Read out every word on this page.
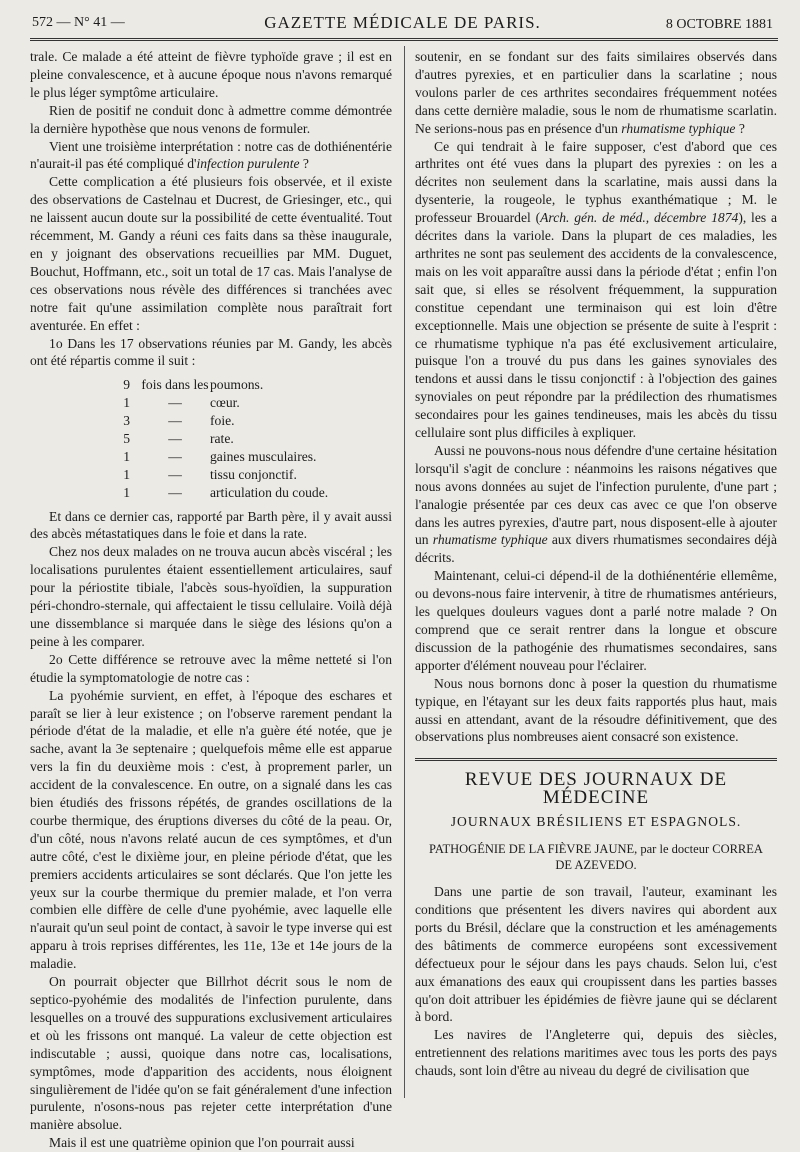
572 — N° 41 —	GAZETTE MÉDICALE DE PARIS.	8 OCTOBRE 1881

trale. Ce malade a été atteint de fièvre typhoïde grave ; il est en pleine convalescence, et à aucune époque nous n'avons remarqué le plus léger symptôme articulaire.

Rien de positif ne conduit donc à admettre comme démontrée la dernière hypothèse que nous venons de formuler.

Vient une troisième interprétation : notre cas de dothiénentérie n'aurait-il pas été compliqué d'infection purulente ?

Cette complication a été plusieurs fois observée, et il existe des observations de Castelnau et Ducrest, de Griesinger, etc., qui ne laissent aucun doute sur la possibilité de cette éventualité. Tout récemment, M. Gandy a réuni ces faits dans sa thèse inaugurale, en y joignant des observations recueillies par MM. Duguet, Bouchut, Hoffmann, etc., soit un total de 17 cas. Mais l'analyse de ces observations nous révèle des différences si tranchées avec notre fait qu'une assimilation complète nous paraîtrait fort aventurée. En effet :

1o Dans les 17 observations réunies par M. Gandy, les abcès ont été répartis comme il suit :

9 fois dans les poumons.
1	—	cœur.
3	—	foie.
5	—	rate.
1	—	gaines musculaires.
1	—	tissu conjonctif.
1	—	articulation du coude.

Et dans ce dernier cas, rapporté par Barth père, il y avait aussi des abcès métastatiques dans le foie et dans la rate.

Chez nos deux malades on ne trouva aucun abcès viscéral ; les localisations purulentes étaient essentiellement articulaires, sauf pour la périostite tibiale, l'abcès sous-hyoïdien, la suppuration péri-chondro-sternale, qui affectaient le tissu cellulaire. Voilà déjà une dissemblance si marquée dans le siège des lésions qu'on a peine à les comparer.

2o Cette différence se retrouve avec la même netteté si l'on étudie la symptomatologie de notre cas :

La pyohémie survient, en effet, à l'époque des eschares et paraît se lier à leur existence ; on l'observe rarement pendant la période d'état de la maladie, et elle n'a guère été notée, que je sache, avant la 3e septenaire ; quelquefois même elle est apparue vers la fin du deuxième mois : c'est, à proprement parler, un accident de la convalescence. En outre, on a signalé dans les cas bien étudiés des frissons répétés, de grandes oscillations de la courbe thermique, des éruptions diverses du côté de la peau. Or, d'un côté, nous n'avons relaté aucun de ces symptômes, et d'un autre côté, c'est le dixième jour, en pleine période d'état, que les premiers accidents articulaires se sont déclarés. Que l'on jette les yeux sur la courbe thermique du premier malade, et l'on verra combien elle diffère de celle d'une pyohémie, avec laquelle elle n'aurait qu'un seul point de contact, à savoir le type inverse qui est apparu à trois reprises différentes, les 11e, 13e et 14e jours de la maladie.

On pourrait objecter que Billrhot décrit sous le nom de septico-pyohémie des modalités de l'infection purulente, dans lesquelles on a trouvé des suppurations exclusivement articulaires et où les frissons ont manqué. La valeur de cette objection est indiscutable ; aussi, quoique dans notre cas, localisations, symptômes, mode d'apparition des accidents, nous éloignent singulièrement de l'idée qu'on se fait généralement d'une infection purulente, n'osons-nous pas rejeter cette interprétation d'une manière absolue.

Mais il est une quatrième opinion que l'on pourrait aussi

soutenir, en se fondant sur des faits similaires observés dans d'autres pyrexies, et en particulier dans la scarlatine ; nous voulons parler de ces arthrites secondaires fréquemment notées dans cette dernière maladie, sous le nom de rhumatisme scarlatin. Ne serions-nous pas en présence d'un rhumatisme typhique ?

Ce qui tendrait à le faire supposer, c'est d'abord que ces arthrites ont été vues dans la plupart des pyrexies : on les a décrites non seulement dans la scarlatine, mais aussi dans la dysenterie, la rougeole, le typhus exanthématique ; M. le professeur Brouardel (Arch. gén. de méd., décembre 1874), les a décrites dans la variole. Dans la plupart de ces maladies, les arthrites ne sont pas seulement des accidents de la convalescence, mais on les voit apparaître aussi dans la période d'état ; enfin l'on sait que, si elles se résolvent fréquemment, la suppuration constitue cependant une terminaison qui est loin d'être exceptionnelle. Mais une objection se présente de suite à l'esprit : ce rhumatisme typhique n'a pas été exclusivement articulaire, puisque l'on a trouvé du pus dans les gaines synoviales des tendons et aussi dans le tissu conjonctif : à l'objection des gaines synoviales on peut répondre par la prédilection des rhumatismes secondaires pour les gaines tendineuses, mais les abcès du tissu cellulaire sont plus difficiles à expliquer.

Aussi ne pouvons-nous nous défendre d'une certaine hésitation lorsqu'il s'agit de conclure : néanmoins les raisons négatives que nous avons données au sujet de l'infection purulente, d'une part ; l'analogie présentée par ces deux cas avec ce que l'on observe dans les autres pyrexies, d'autre part, nous disposent-elle à ajouter un rhumatisme typhique aux divers rhumatismes secondaires déjà décrits.

Maintenant, celui-ci dépend-il de la dothiénentérie ellemême, ou devons-nous faire intervenir, à titre de rhumatismes antérieurs, les quelques douleurs vagues dont a parlé notre malade ? On comprend que ce serait rentrer dans la longue et obscure discussion de la pathogénie des rhumatismes secondaires, sans apporter d'élément nouveau pour l'éclairer.

Nous nous bornons donc à poser la question du rhumatisme typique, en l'étayant sur les deux faits rapportés plus haut, mais aussi en attendant, avant de la résoudre définitivement, que des observations plus nombreuses aient consacré son existence.

REVUE DES JOURNAUX DE MÉDECINE
JOURNAUX BRÉSILIENS ET ESPAGNOLS.
PATHOGÉNIE DE LA FIÈVRE JAUNE, par le docteur CORREA DE AZEVEDO.

Dans une partie de son travail, l'auteur, examinant les conditions que présentent les divers navires qui abordent aux ports du Brésil, déclare que la construction et les aménagements des bâtiments de commerce européens sont excessivement défectueux pour le séjour dans les pays chauds. Selon lui, c'est aux émanations des eaux qui croupissent dans les parties basses qu'on doit attribuer les épidémies de fièvre jaune qui se déclarent à bord.

Les navires de l'Angleterre qui, depuis des siècles, entretiennent des relations maritimes avec tous les ports des pays chauds, sont loin d'être au niveau du degré de civilisation que
